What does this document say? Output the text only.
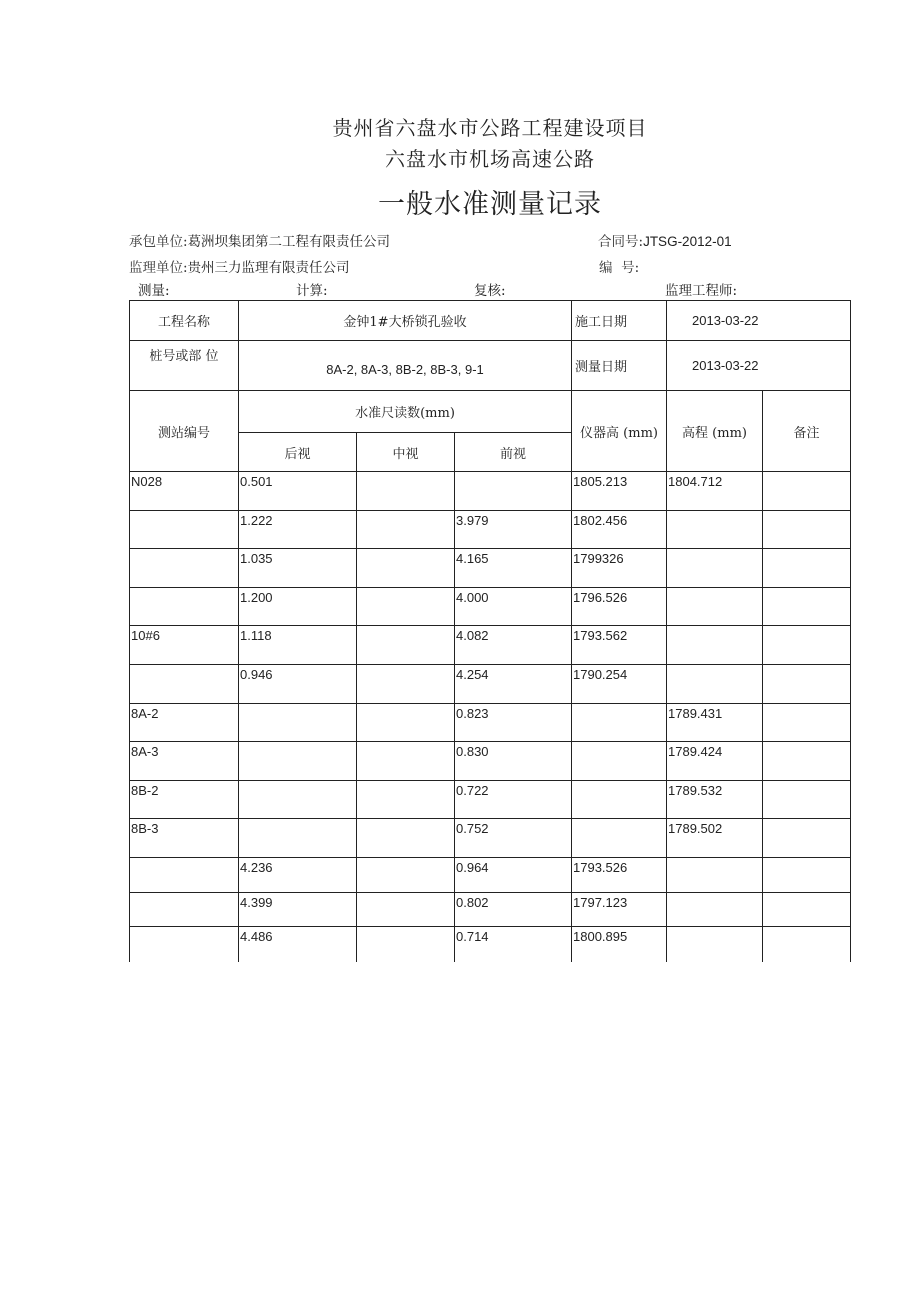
贵州省六盘水市公路工程建设项目
六盘水市机场高速公路
一般水准测量记录
承包单位:葛洲坝集团第二工程有限责任公司	合同号:JTSG-2012-01
监理单位:贵州三力监理有限责任公司	编  号:
测量:	计算:	复核:	监理工程师:
工程名称	金钟1#大桥锁孔验收			施工日期	2013-03-22	
桩号或部 位	8A-2, 8A-3, 8B-2, 8B-3, 9-1			测量日期	2013-03-22	
测站编号	水准尺读数(mm)			仪器高 (mm)	高程 (mm)	备注
	后视	中视	前视			
N028	0.501			1805.213	1804.712	
	1.222		3.979	1802.456		
	1.035		4.165	1799326		
	1.200		4.000	1796.526		
10#6	1.118		4.082	1793.562		
	0.946		4.254	1790.254		
8A-2			0.823		1789.431	
8A-3			0.830		1789.424	
8B-2			0.722		1789.532	
8B-3			0.752		1789.502	
	4.236		0.964	1793.526		
	4.399		0.802	1797.123		
	4.486		0.714	1800.895		
